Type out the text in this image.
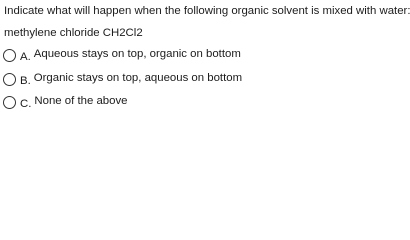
Indicate what will happen when the following organic solvent is mixed with water:
methylene chloride CH2Cl2
A. Aqueous stays on top, organic on bottom
B. Organic stays on top, aqueous on bottom
C. None of the above
